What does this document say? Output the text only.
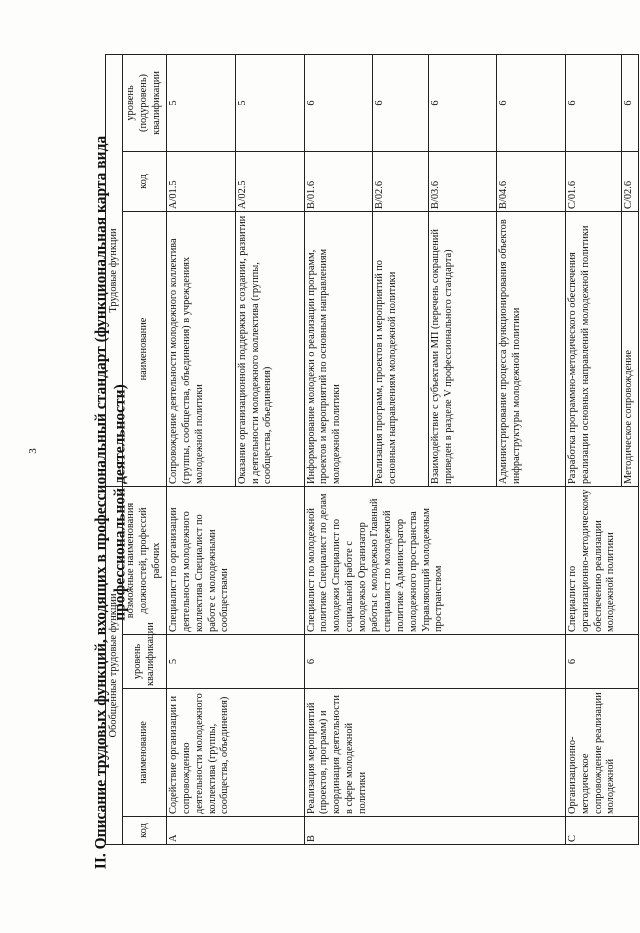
3	II. Описание трудовых функций, входящих в профессиональный стандарт (функциональная карта вида профессиональной деятельности)
Обобщенные трудовые функции				Трудовые функции		
код	наименование	уровень квалификации	возможные наименования должностей, профессий рабочих	наименование	код	уровень (подуровень) квалификации
A	Содействие организации и сопровождению деятельности молодежного коллектива (группы, сообщества, объединения)	5	Специалист по организации деятельности молодежного коллектива Специалист по работе с молодежными сообществами	Сопровождение деятельности молодежного коллектива (группы, сообщества, объединения) в учреждениях молодежной политики	A/01.5	5
				Оказание организационной поддержки в создании, развитии и деятельности молодежного коллектива (группы, сообщества, объединения)	A/02.5	5
B	Реализация мероприятий (проектов, программ) и координация деятельности в сфере молодежной политики	6	Специалист по молодежной политике Специалист по делам молодежи Специалист по социальной работе с молодежью Организатор работы с молодежью Главный специалист по молодежной политике Администратор молодежного пространства Управляющий молодежным пространством	Информирование молодежи о реализации программ, проектов и мероприятий по основным направлениям молодежной политики	B/01.6	6
				Реализация программ, проектов и мероприятий по основным направлениям молодежной политики	B/02.6	6
				Взаимодействие с субъектами МП (перечень сокращений приведен в разделе V профессионального стандарта)	B/03.6	6
				Администрирование процесса функционирования объектов инфраструктуры молодежной политики	B/04.6	6
C	Организационно-методическое сопровождение реализации молодежной	6	Специалист по организационно-методическому обеспечению реализации молодежной политики	Разработка программно-методического обеспечения реализации основных направлений молодежной политики	C/01.6	6
				Методическое сопровождение	C/02.6	6
